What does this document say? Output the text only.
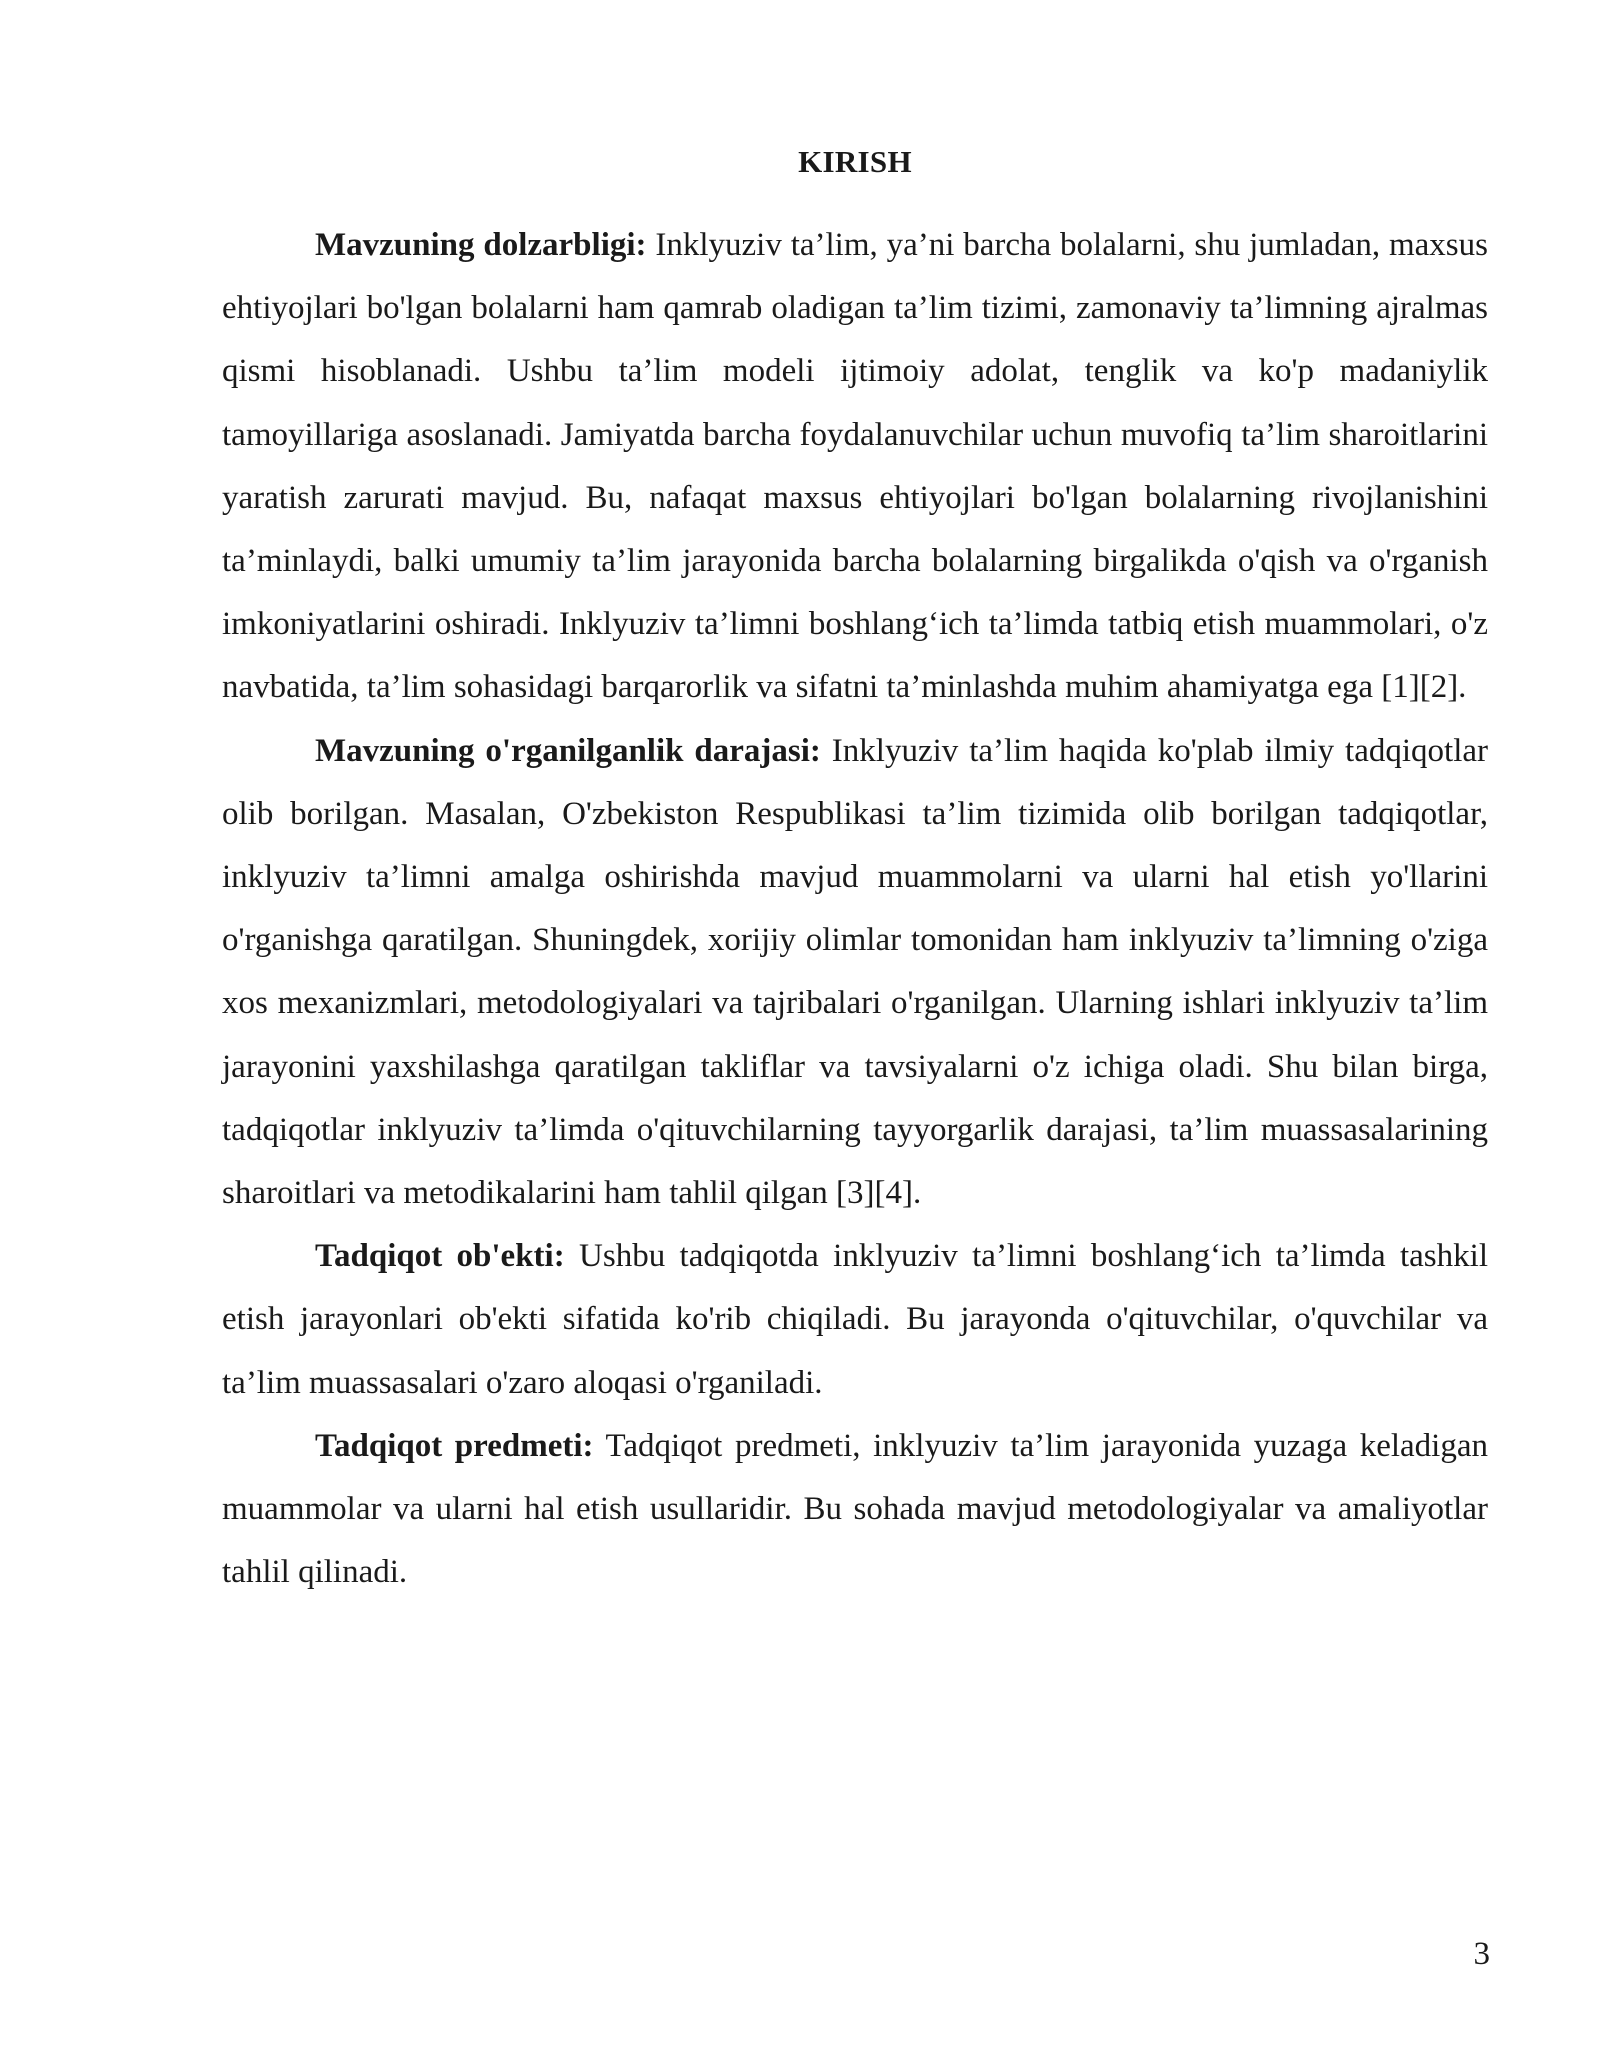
KIRISH

Mavzuning dolzarbligi: Inklyuziv ta’lim, ya’ni barcha bolalarni, shu jumladan, maxsus ehtiyojlari bo'lgan bolalarni ham qamrab oladigan ta’lim tizimi, zamonaviy ta’limning ajralmas qismi hisoblanadi. Ushbu ta’lim modeli ijtimoiy adolat, tenglik va ko'p madaniylik tamoyillariga asoslanadi. Jamiyatda barcha foydalanuvchilar uchun muvofiq ta’lim sharoitlarini yaratish zarurati mavjud. Bu, nafaqat maxsus ehtiyojlari bo'lgan bolalarning rivojlanishini ta’minlaydi, balki umumiy ta’lim jarayonida barcha bolalarning birgalikda o'qish va o'rganish imkoniyatlarini oshiradi. Inklyuziv ta’limni boshlang‘ich ta’limda tatbiq etish muammolari, o'z navbatida, ta’lim sohasidagi barqarorlik va sifatni ta’minlashda muhim ahamiyatga ega [1][2].

Mavzuning o'rganilganlik darajasi: Inklyuziv ta’lim haqida ko'plab ilmiy tadqiqotlar olib borilgan. Masalan, O'zbekiston Respublikasi ta’lim tizimida olib borilgan tadqiqotlar, inklyuziv ta’limni amalga oshirishda mavjud muammolarni va ularni hal etish yo'llarini o'rganishga qaratilgan. Shuningdek, xorijiy olimlar tomonidan ham inklyuziv ta’limning o'ziga xos mexanizmlari, metodologiyalari va tajribalari o'rganilgan. Ularning ishlari inklyuziv ta’lim jarayonini yaxshilashga qaratilgan takliflar va tavsiyalarni o'z ichiga oladi. Shu bilan birga, tadqiqotlar inklyuziv ta’limda o'qituvchilarning tayyorgarlik darajasi, ta’lim muassasalarining sharoitlari va metodikalarini ham tahlil qilgan [3][4].

Tadqiqot ob'ekti: Ushbu tadqiqotda inklyuziv ta’limni boshlang‘ich ta’limda tashkil etish jarayonlari ob'ekti sifatida ko'rib chiqiladi. Bu jarayonda o'qituvchilar, o'quvchilar va ta’lim muassasalari o'zaro aloqasi o'rganiladi.

Tadqiqot predmeti: Tadqiqot predmeti, inklyuziv ta’lim jarayonida yuzaga keladigan muammolar va ularni hal etish usullaridir. Bu sohada mavjud metodologiyalar va amaliyotlar tahlil qilinadi.

3
